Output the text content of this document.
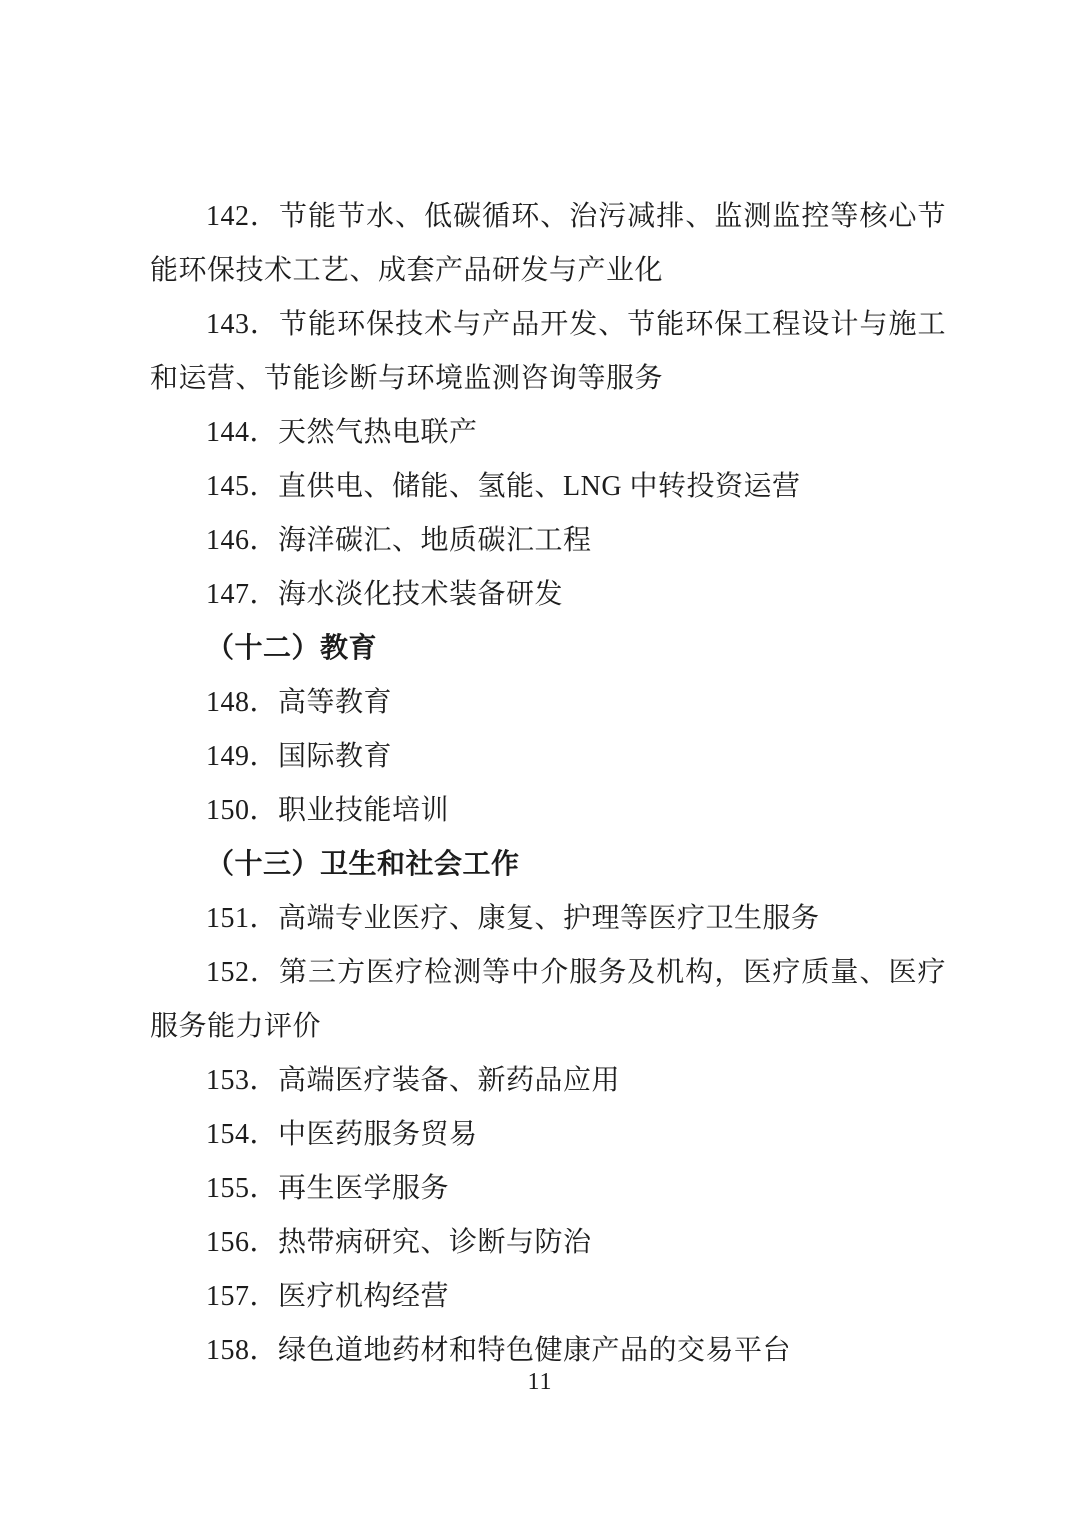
142．节能节水、低碳循环、治污减排、监测监控等核心节能环保技术工艺、成套产品研发与产业化

143．节能环保技术与产品开发、节能环保工程设计与施工和运营、节能诊断与环境监测咨询等服务

144．天然气热电联产

145．直供电、储能、氢能、LNG 中转投资运营

146．海洋碳汇、地质碳汇工程

147．海水淡化技术装备研发

（十二）教育

148．高等教育

149．国际教育

150．职业技能培训

（十三）卫生和社会工作

151．高端专业医疗、康复、护理等医疗卫生服务

152．第三方医疗检测等中介服务及机构，医疗质量、医疗服务能力评价

153．高端医疗装备、新药品应用

154．中医药服务贸易

155．再生医学服务

156．热带病研究、诊断与防治

157．医疗机构经营

158．绿色道地药材和特色健康产品的交易平台

11
